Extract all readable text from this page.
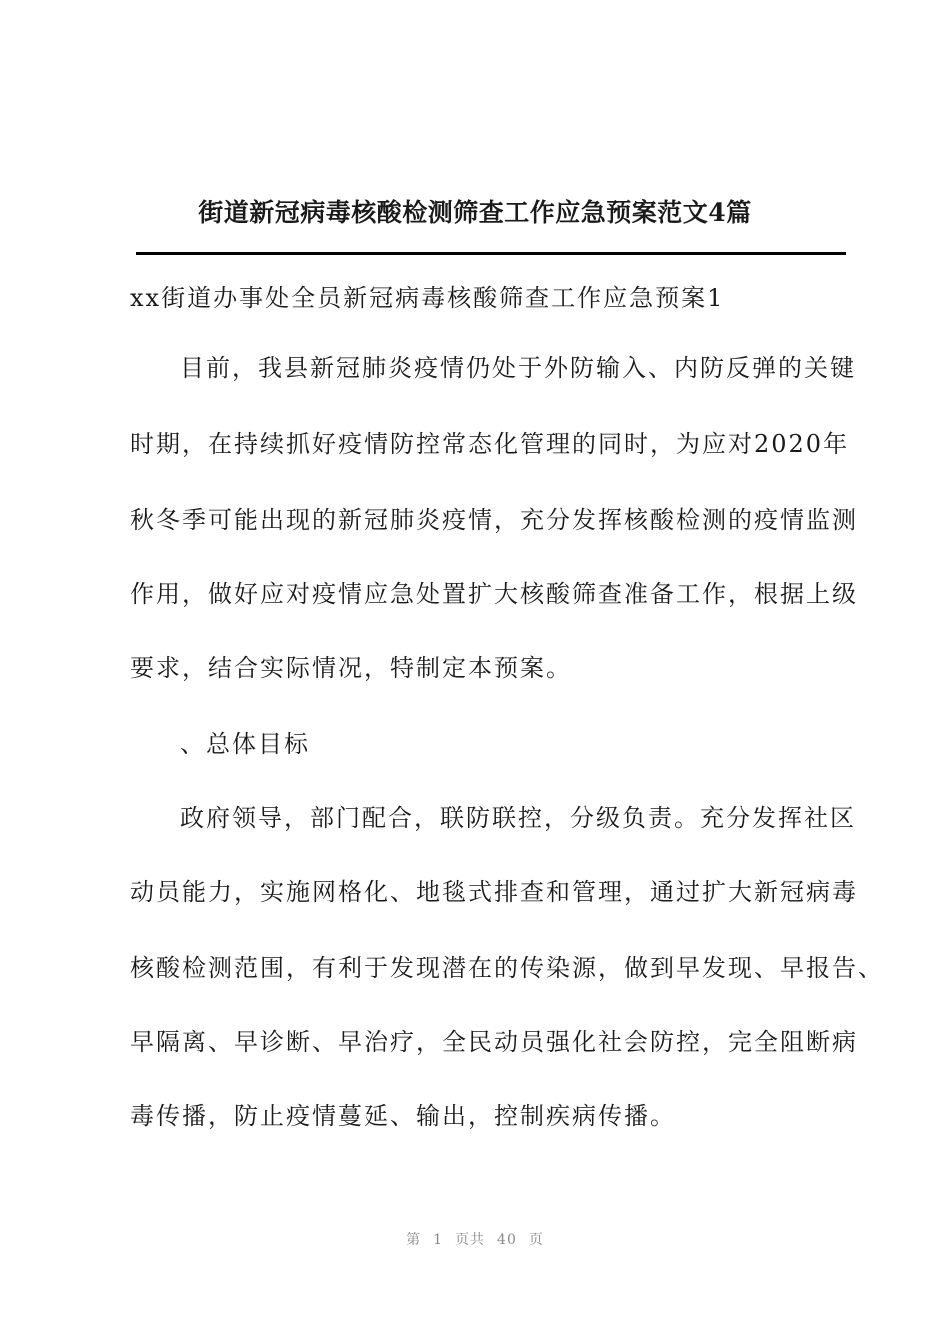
街道新冠病毒核酸检测筛查工作应急预案范文4篇
xx街道办事处全员新冠病毒核酸筛查工作应急预案1
目前，我县新冠肺炎疫情仍处于外防输入、内防反弹的关键
时期，在持续抓好疫情防控常态化管理的同时，为应对2020年
秋冬季可能出现的新冠肺炎疫情，充分发挥核酸检测的疫情监测
作用，做好应对疫情应急处置扩大核酸筛查准备工作，根据上级
要求，结合实际情况，特制定本预案。
、总体目标
政府领导，部门配合，联防联控，分级负责。充分发挥社区
动员能力，实施网格化、地毯式排查和管理，通过扩大新冠病毒
核酸检测范围，有利于发现潜在的传染源，做到早发现、早报告、
早隔离、早诊断、早治疗，全民动员强化社会防控，完全阻断病
毒传播，防止疫情蔓延、输出，控制疾病传播。
第 1 页共 40 页
